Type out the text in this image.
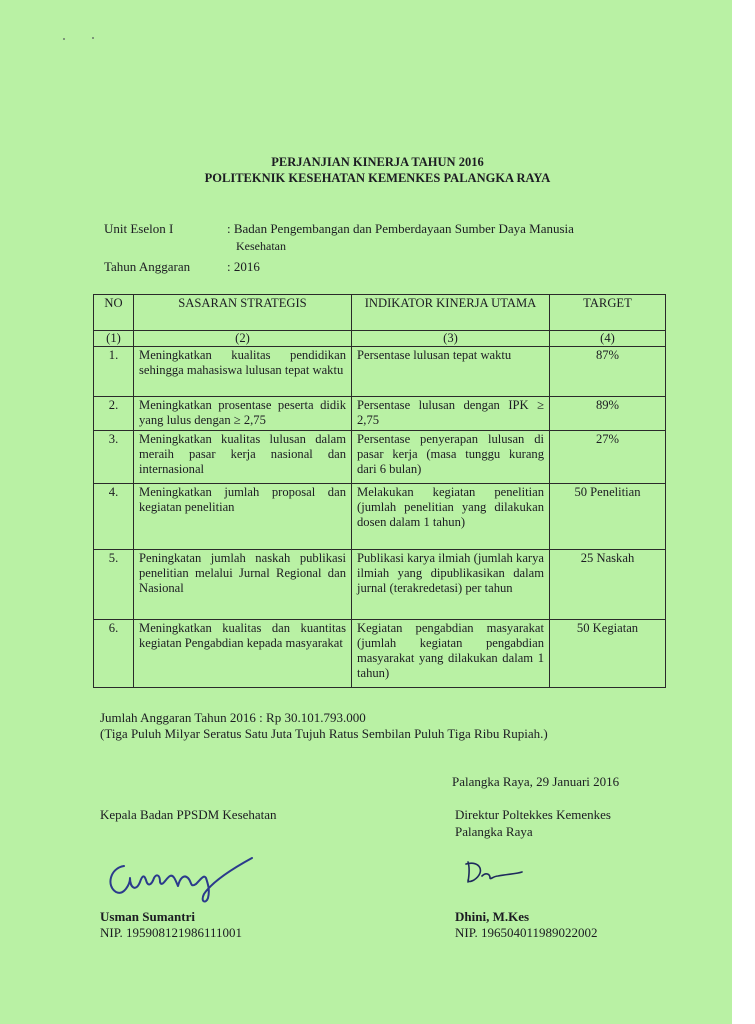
PERJANJIAN KINERJA TAHUN 2016
POLITEKNIK KESEHATAN KEMENKES PALANGKA RAYA
Unit Eselon I	: Badan Pengembangan dan Pemberdayaan Sumber Daya Manusia
Kesehatan
Tahun Anggaran	: 2016
NO	SASARAN STRATEGIS	INDIKATOR KINERJA UTAMA	TARGET
(1)	(2)	(3)	(4)
1.	Meningkatkan kualitas pendidikan sehingga mahasiswa lulusan tepat waktu	Persentase lulusan tepat waktu	87%
2.	Meningkatkan prosentase peserta didik yang lulus dengan ≥ 2,75	Persentase lulusan dengan IPK ≥ 2,75	89%
3.	Meningkatkan kualitas lulusan dalam meraih pasar kerja nasional dan internasional	Persentase penyerapan lulusan di pasar kerja (masa tunggu kurang dari 6 bulan)	27%
4.	Meningkatkan jumlah proposal dan kegiatan penelitian	Melakukan kegiatan penelitian (jumlah penelitian yang dilakukan dosen dalam 1 tahun)	50 Penelitian
5.	Peningkatan jumlah naskah publikasi penelitian melalui Jurnal Regional dan Nasional	Publikasi karya ilmiah (jumlah karya ilmiah yang dipublikasikan dalam jurnal (terakredetasi) per tahun	25 Naskah
6.	Meningkatkan kualitas dan kuantitas kegiatan Pengabdian kepada masyarakat	Kegiatan pengabdian masyarakat (jumlah kegiatan pengabdian masyarakat yang dilakukan dalam 1 tahun)	50 Kegiatan
Jumlah Anggaran Tahun 2016 : Rp 30.101.793.000
(Tiga Puluh Milyar Seratus Satu Juta Tujuh Ratus Sembilan Puluh Tiga Ribu Rupiah.)
Palangka Raya, 29 Januari 2016
Kepala Badan PPSDM Kesehatan	Direktur Poltekkes Kemenkes
Palangka Raya
Usman Sumantri
NIP. 195908121986111001
Dhini, M.Kes
NIP. 196504011989022002
